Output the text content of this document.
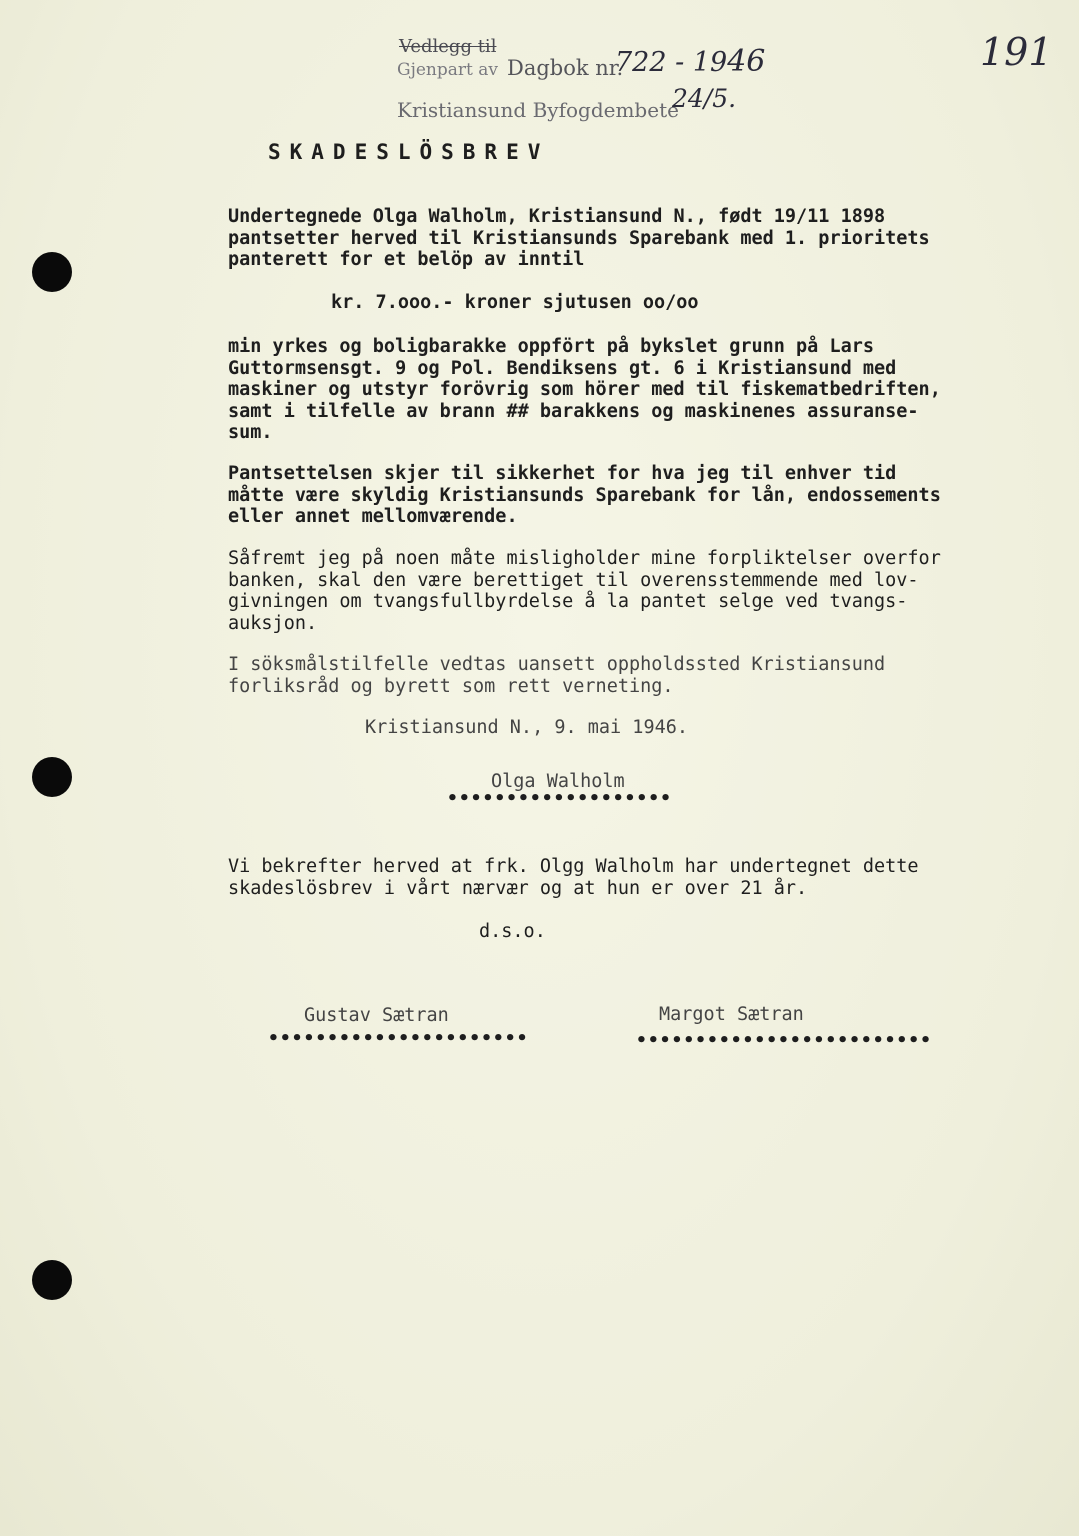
Vedlegg til
Gjenpart av Dagbok nr.
722 - 1946
Kristiansund Byfogdembete
24/5.
191
SKADESLÖSBREV
Undertegnede Olga Walholm, Kristiansund N., født 19/11 1898
pantsetter herved til Kristiansunds Sparebank med 1. prioritets
panterett for et belöp av inntil
kr. 7.ooo.- kroner sjutusen oo/oo
min yrkes og boligbarakke oppfört på bykslet grunn på Lars
Guttormsensgt. 9 og Pol. Bendiksens gt. 6 i Kristiansund med
maskiner og utstyr forövrig som hörer med til fiskematbedriften,
samt i tilfelle av brann ## barakkens og maskinenes assuranse-
sum.
Pantsettelsen skjer til sikkerhet for hva jeg til enhver tid
måtte være skyldig Kristiansunds Sparebank for lån, endossements
eller annet mellomværende.
Såfremt jeg på noen måte misligholder mine forpliktelser overfor
banken, skal den være berettiget til overensstemmende med lov-
givningen om tvangsfullbyrdelse å la pantet selge ved tvangs-
auksjon.
I söksmålstilfelle vedtas uansett oppholdssted Kristiansund
forliksråd og byrett som rett verneting.
Kristiansund N., 9. mai 1946.
Olga Walholm
•••••••••••••••••••
Vi bekrefter herved at frk. Olgg Walholm har undertegnet dette
skadeslösbrev i vårt nærvær og at hun er over 21 år.
d.s.o.
Gustav Sætran
••••••••••••••••••••••
Margot Sætran
•••••••••••••••••••••••••
